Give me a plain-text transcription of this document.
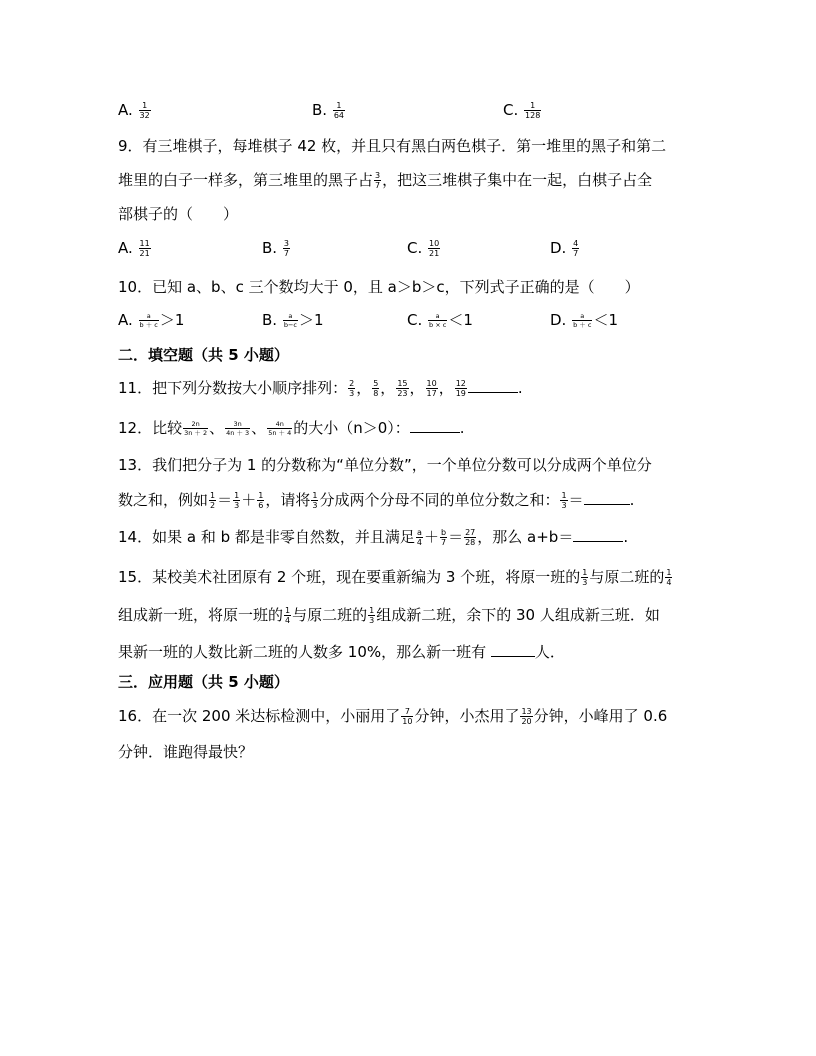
A. $\frac{1}{32}$	B. $\frac{1}{64}$	C. $\frac{1}{128}$
9．有三堆棋子，每堆棋子 42 枚，并且只有黑白两色棋子．第一堆里的黑子和第二
堆里的白子一样多，第三堆里的黑子占 $\frac{3}{7}$ ，把这三堆棋子集中在一起，白棋子占全
部棋子的（　　）
A. $\frac{11}{21}$	B. $\frac{3}{7}$	C. $\frac{10}{21}$	D. $\frac{4}{7}$
10．已知 a、b、c 三个数均大于 0，且 a＞b＞c，下列式子正确的是（　　）
A. $\frac{a}{b + c} >1$	B. $\frac{a}{b-c} >1$	C. $\frac{a}{b \times c} <1$	D. $\frac{a}{b + c} <1$
二．填空题（共 5 小题）
11．把下列分数按大小顺序排列： $\frac{2}{3}$ ， $\frac{5}{8}$ ， $\frac{15}{23}$ ， $\frac{10}{17}$ ， $\frac{12}{19}$	.
12．比较 $\frac{2n}{3n + 2}$ 、 $\frac{3n}{4n + 3}$ 、 $\frac{4n}{5n + 4}$ 的大小（n＞0）：	.
13．我们把分子为 1 的分数称为“单位分数”，一个单位分数可以分成两个单位分
数之和，例如 $\frac{1}{2} = \frac{1}{3} + \frac{1}{6}$ ，请将 $\frac{1}{3}$ 分成两个分母不同的单位分数之和： $\frac{1}{3}$ ＝	.
14．如果 a 和 b 都是非零自然数，并且满足 $\frac{a}{4} + \frac{b}{7} = \frac{27}{28}$ ，那么 a+b＝	.
15．某校美术社团原有 2 个班，现在要重新编为 3 个班，将原一班的 $\frac{1}{3}$ 与原二班的 $\frac{1}{4}$
组成新一班，将原一班的 $\frac{1}{4}$ 与原二班的 $\frac{1}{3}$ 组成新二班，余下的 30 人组成新三班．如
果新一班的人数比新二班的人数多 10%，那么新一班有	人．
三．应用题（共 5 小题）
16．在一次 200 米达标检测中，小丽用了 $\frac{7}{10}$ 分钟，小杰用了 $\frac{13}{20}$ 分钟，小峰用了 0.6
分钟．谁跑得最快？
